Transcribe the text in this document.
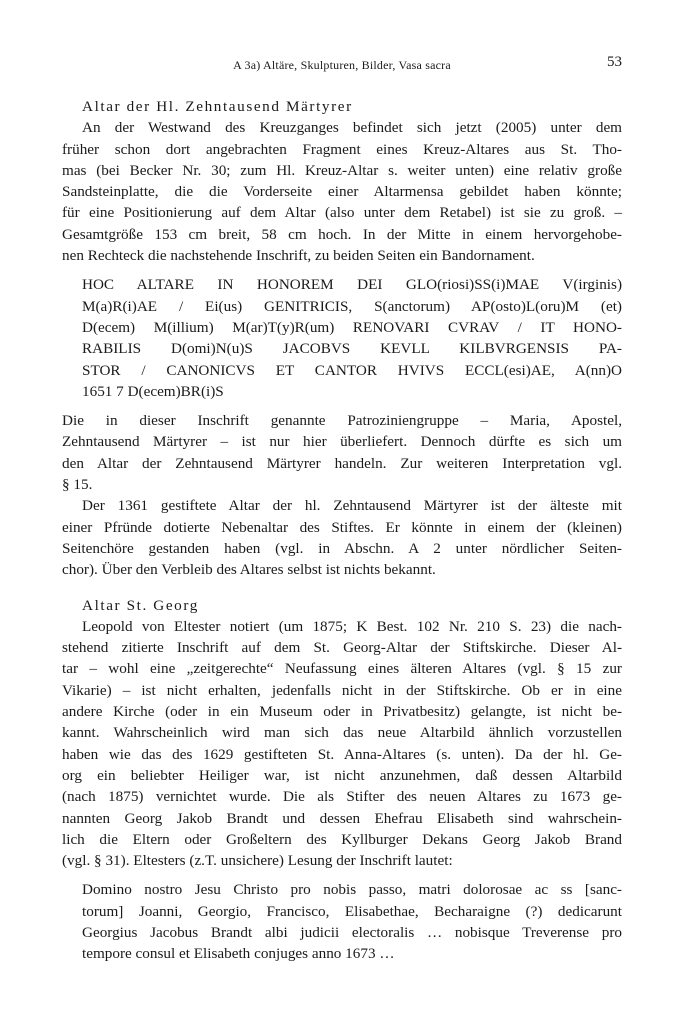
A 3a) Altäre, Skulpturen, Bilder, Vasa sacra	53
Altar der Hl. Zehntausend Märtyrer
An der Westwand des Kreuzganges befindet sich jetzt (2005) unter dem
früher schon dort angebrachten Fragment eines Kreuz-Altares aus St. Tho-
mas (bei Becker Nr. 30; zum Hl. Kreuz-Altar s. weiter unten) eine relativ große
Sandsteinplatte, die die Vorderseite einer Altarmensa gebildet haben könnte;
für eine Positionierung auf dem Altar (also unter dem Retabel) ist sie zu groß. –
Gesamtgröße 153 cm breit, 58 cm hoch. In der Mitte in einem hervorgehobe-
nen Rechteck die nachstehende Inschrift, zu beiden Seiten ein Bandornament.
HOC ALTARE IN HONOREM DEI GLO(riosi)SS(i)MAE V(irginis)
M(a)R(i)AE / Ei(us) GENITRICIS, S(anctorum) AP(osto)L(oru)M (et)
D(ecem) M(illium) M(ar)T(y)R(um) RENOVARI CVRAV / IT HONO-
RABILIS D(omi)N(u)S JACOBVS KEVLL KILBVRGENSIS PA-
STOR / CANONICVS ET CANTOR HVIVS ECCL(esi)AE, A(nn)O
1651 7 D(ecem)BR(i)S
Die in dieser Inschrift genannte Patroziniengruppe – Maria, Apostel,
Zehntausend Märtyrer – ist nur hier überliefert. Dennoch dürfte es sich um
den Altar der Zehntausend Märtyrer handeln. Zur weiteren Interpretation vgl.
§ 15.
Der 1361 gestiftete Altar der hl. Zehntausend Märtyrer ist der älteste mit
einer Pfründe dotierte Nebenaltar des Stiftes. Er könnte in einem der (kleinen)
Seitenchöre gestanden haben (vgl. in Abschn. A 2 unter nördlicher Seiten-
chor). Über den Verbleib des Altares selbst ist nichts bekannt.
Altar St. Georg
Leopold von Eltester notiert (um 1875; K Best. 102 Nr. 210 S. 23) die nach-
stehend zitierte Inschrift auf dem St. Georg-Altar der Stiftskirche. Dieser Al-
tar – wohl eine „zeitgerechte“ Neufassung eines älteren Altares (vgl. § 15 zur
Vikarie) – ist nicht erhalten, jedenfalls nicht in der Stiftskirche. Ob er in eine
andere Kirche (oder in ein Museum oder in Privatbesitz) gelangte, ist nicht be-
kannt. Wahrscheinlich wird man sich das neue Altarbild ähnlich vorzustellen
haben wie das des 1629 gestifteten St. Anna-Altares (s. unten). Da der hl. Ge-
org ein beliebter Heiliger war, ist nicht anzunehmen, daß dessen Altarbild
(nach 1875) vernichtet wurde. Die als Stifter des neuen Altares zu 1673 ge-
nannten Georg Jakob Brandt und dessen Ehefrau Elisabeth sind wahrschein-
lich die Eltern oder Großeltern des Kyllburger Dekans Georg Jakob Brand
(vgl. § 31). Eltesters (z.T. unsichere) Lesung der Inschrift lautet:
Domino nostro Jesu Christo pro nobis passo, matri dolorosae ac ss [sanc-
torum] Joanni, Georgio, Francisco, Elisabethae, Becharaigne (?) dedicarunt
Georgius Jacobus Brandt albi judicii electoralis … nobisque Treverense pro
tempore consul et Elisabeth conjuges anno 1673 …
